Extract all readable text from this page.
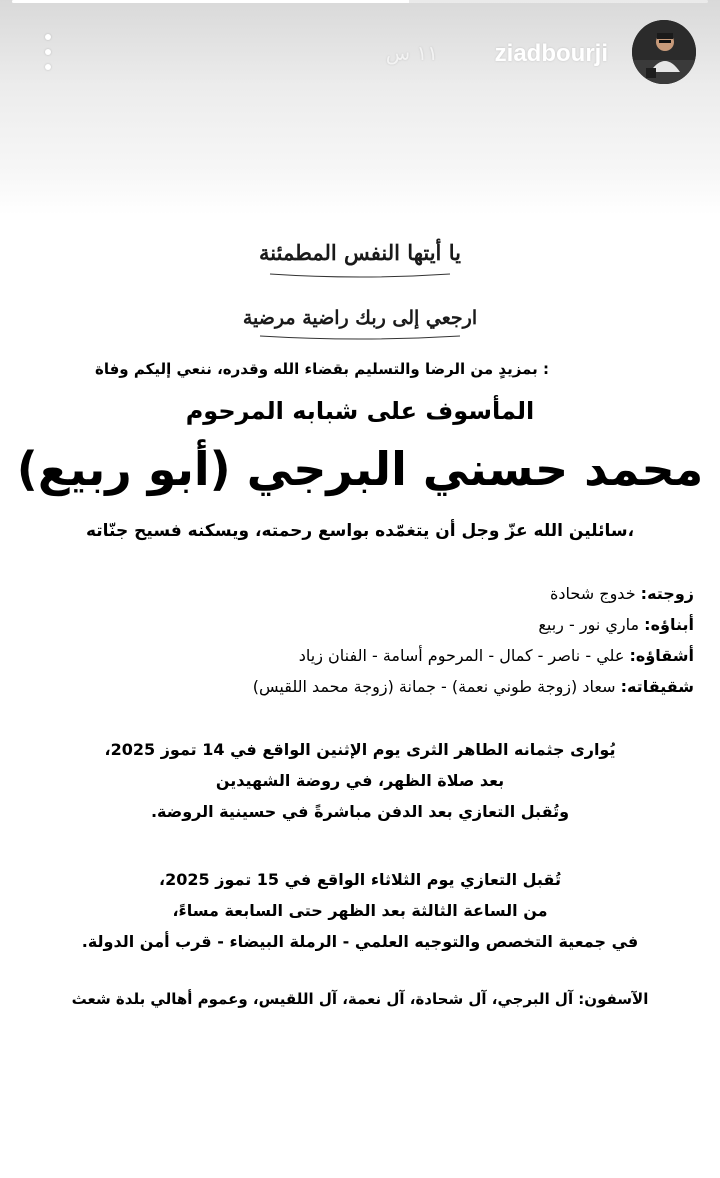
١١ س ziadbourji
يا أيتها النفس المطمئنة
ارجعي إلى ربك راضية مرضية
بمزيدٍ من الرضا والتسليم بقضاء الله وقدره، ننعي إليكم وفاة :
المأسوف على شبابه المرحوم
محمد حسني البرجي (أبو ربيع)
سائلين الله عزّ وجل أن يتغمّده بواسع رحمته، ويسكنه فسيح جنّاته،
زوجته: خدوج شحادة
أبناؤه: ماري نور - ربيع
أشقاؤه: علي - ناصر - كمال - المرحوم أسامة - الفنان زياد
شقيقاته: سعاد (زوجة طوني نعمة) - جمانة (زوجة محمد اللقيس)
يُوارى جثمانه الطاهر الثرى يوم الإثنين الواقع في 14 تموز 2025،
بعد صلاة الظهر، في روضة الشهيدين
وتُقبل التعازي بعد الدفن مباشرةً في حسينية الروضة.
تُقبل التعازي يوم الثلاثاء الواقع في 15 تموز 2025،
من الساعة الثالثة بعد الظهر حتى السابعة مساءً،
في جمعية التخصص والتوجيه العلمي - الرملة البيضاء - قرب أمن الدولة.
الآسفون: آل البرجي، آل شحادة، آل نعمة، آل اللقيس، وعموم أهالي بلدة شعث
